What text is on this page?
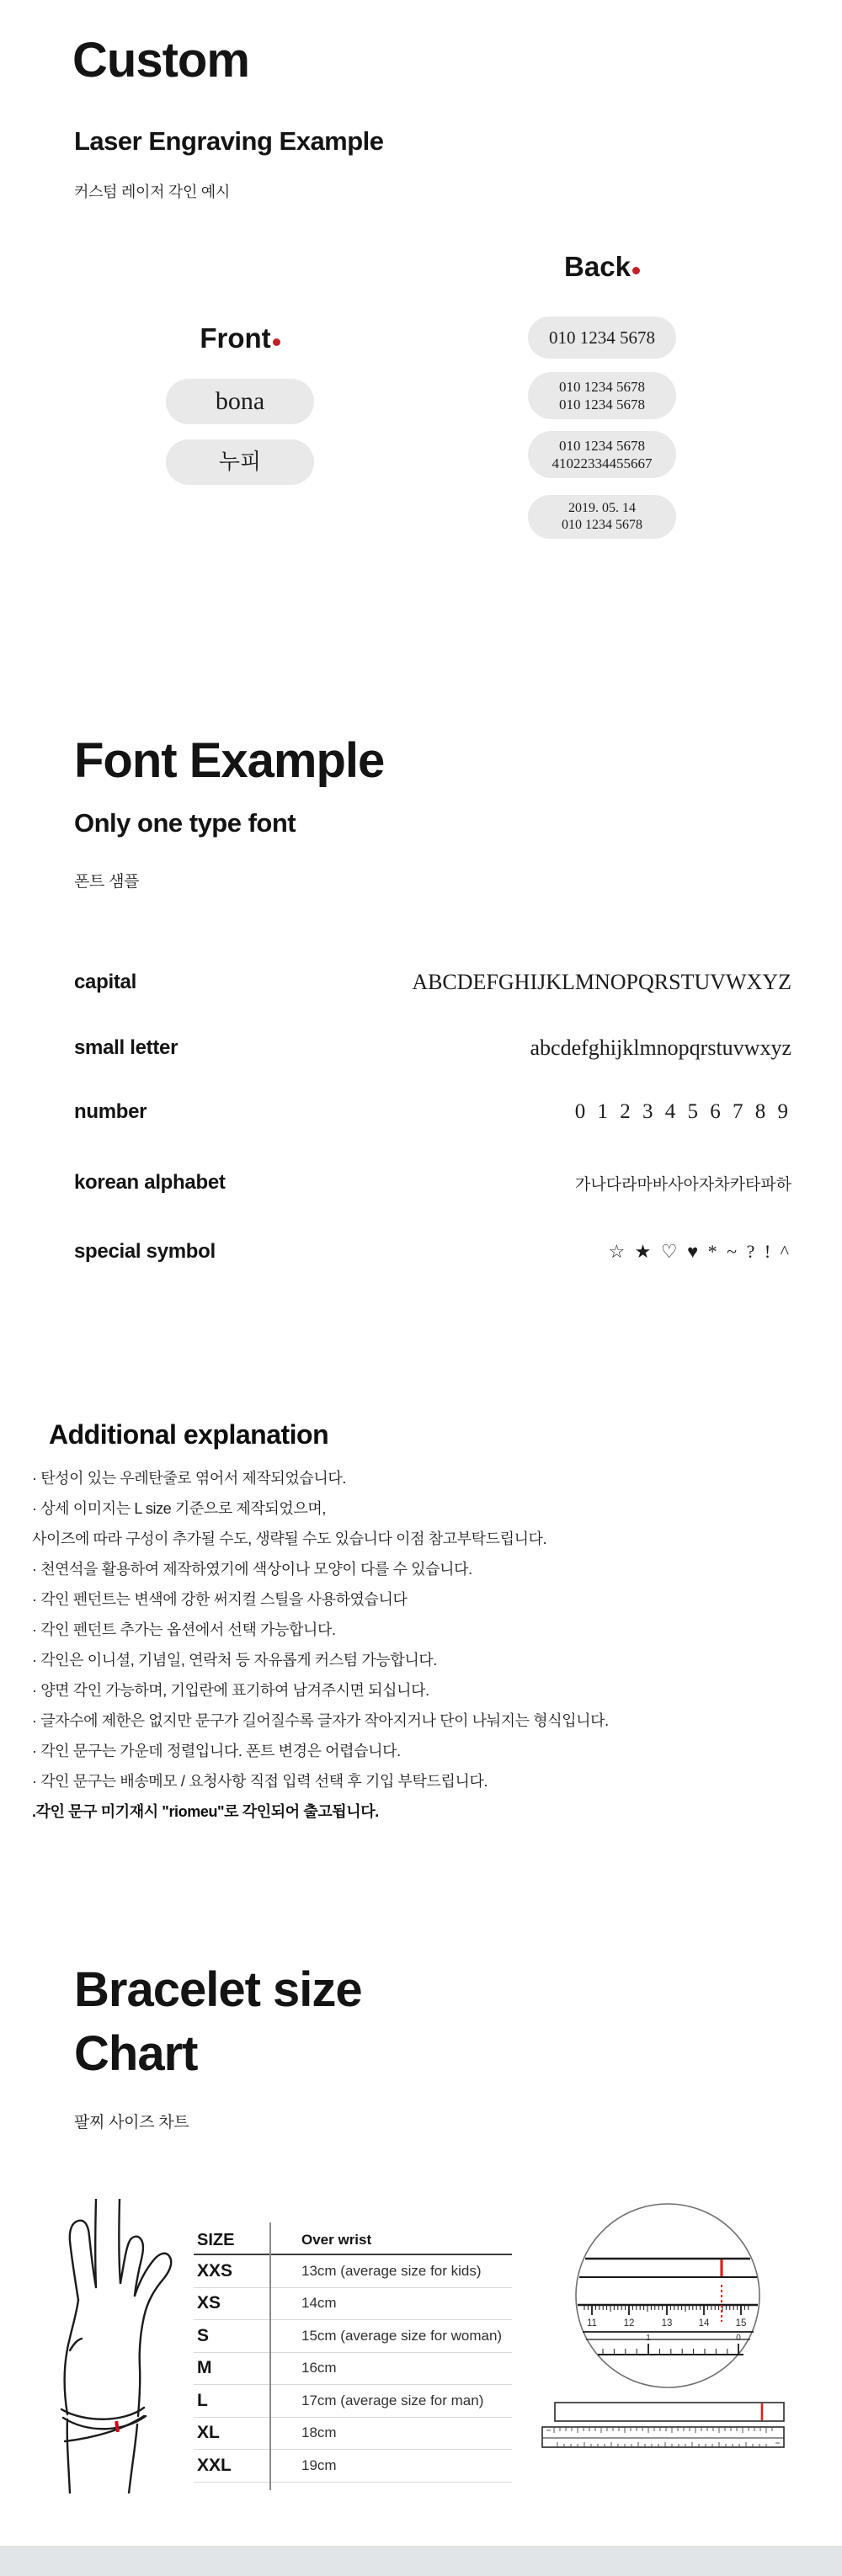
Custom
Laser Engraving Example
커스텀 레이저 각인 예시
Back
Front
bona
누피
010 1234 5678
010 1234 5678
010 1234 5678
010 1234 5678
41022334455667
2019. 05. 14
010 1234 5678
Font Example
Only one type font
폰트 샘플
capital	ABCDEFGHIJKLMNOPQRSTUVWXYZ
small letter	abcdefghijklmnopqrstuvwxyz
number	0 1 2 3 4 5 6 7 8 9
korean alphabet	가나다라마바사아자차카타파하
special symbol	☆ ★ ♡ ♥ * ~ ? ! ^
Additional explanation
· 탄성이 있는 우레탄줄로 엮어서 제작되었습니다.
· 상세 이미지는 L size 기준으로 제작되었으며,
사이즈에 따라 구성이 추가될 수도, 생략될 수도 있습니다 이점 참고부탁드립니다.
· 천연석을 활용하여 제작하였기에 색상이나 모양이 다를 수 있습니다.
· 각인 펜던트는 변색에 강한 써지컬 스틸을 사용하였습니다
· 각인 펜던트 추가는 옵션에서 선택 가능합니다.
· 각인은 이니셜, 기념일, 연락처 등 자유롭게 커스텀 가능합니다.
· 양면 각인 가능하며, 기입란에 표기하여 남겨주시면 되십니다.
· 글자수에 제한은 없지만 문구가 길어질수록 글자가 작아지거나 단이 나눠지는 형식입니다.
· 각인 문구는 가운데 정렬입니다. 폰트 변경은 어렵습니다.
· 각인 문구는 배송메모 / 요청사항 직접 입력 선택 후 기입 부탁드립니다.
.각인 문구 미기재시 "riomeu"로 각인되어 출고됩니다.
Bracelet size
Chart
팔찌 사이즈 차트
SIZE	Over wrist
XXS	13cm (average size for kids)
XS	14cm
S	15cm (average size for woman)
M	16cm
L	17cm (average size for man)
XL	18cm
XXL	19cm
11	12	13	14	15
1	0
